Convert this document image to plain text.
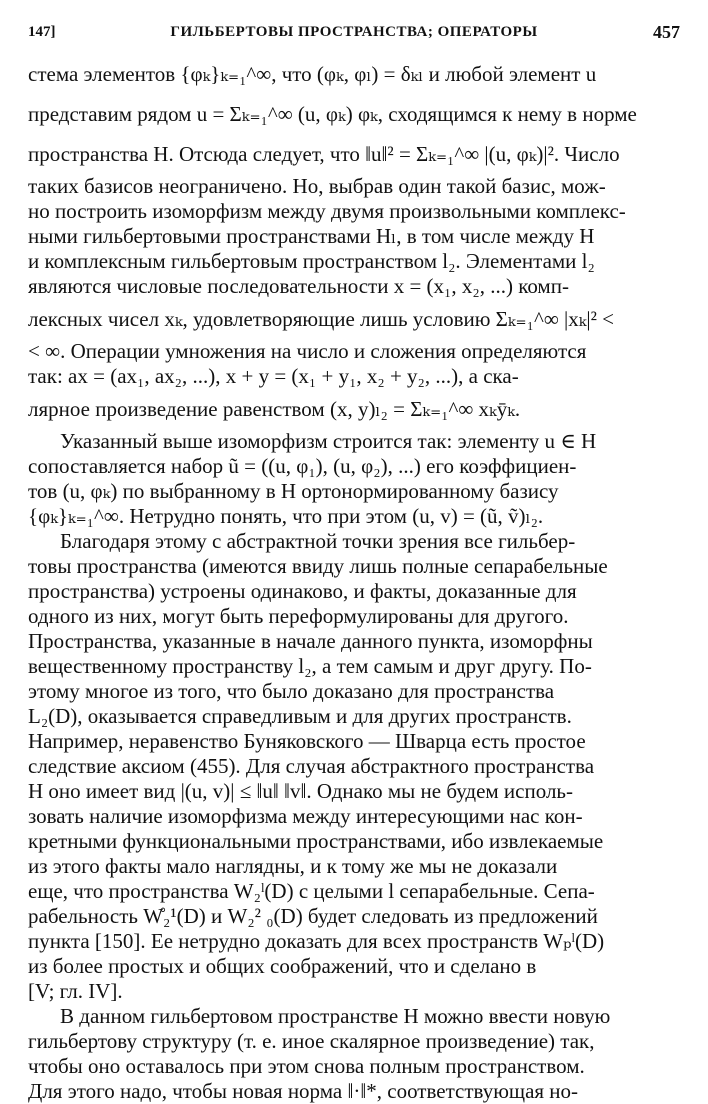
147]	ГИЛЬБЕРТОВЫ ПРОСТРАНСТВА; ОПЕРАТОРЫ	457
стема элементов {φₖ}ₖ₌₁^∞, что (φₖ, φₗ) = δₖₗ и любой элемент u
представим рядом u = Σₖ₌₁^∞ (u, φₖ) φₖ, сходящимся к нему в норме
пространства H. Отсюда следует, что ‖u‖² = Σₖ₌₁^∞ |(u, φₖ)|². Число
таких базисов неограничено. Но, выбрав один такой базис, мож-
но построить изоморфизм между двумя произвольными комплекс-
ными гильбертовыми пространствами Hₗ, в том числе между H
и комплексным гильбертовым пространством l₂. Элементами l₂
являются числовые последовательности x = (x₁, x₂, ...) комп-
лексных чисел xₖ, удовлетворяющие лишь условию Σₖ₌₁^∞ |xₖ|² <
< ∞. Операции умножения на число и сложения определяются
так: ax = (ax₁, ax₂, ...), x + y = (x₁ + y₁, x₂ + y₂, ...), а ска-
лярное произведение равенством (x, y)ₗ₂ = Σₖ₌₁^∞ xₖȳₖ.
Указанный выше изоморфизм строится так: элементу u ∈ H
сопоставляется набор ũ = ((u, φ₁), (u, φ₂), ...) его коэффициен-
тов (u, φₖ) по выбранному в H ортонормированному базису
{φₖ}ₖ₌₁^∞. Нетрудно понять, что при этом (u, v) = (ũ, ṽ)ₗ₂.
Благодаря этому с абстрактной точки зрения все гильбер-
товы пространства (имеются ввиду лишь полные сепарабельные
пространства) устроены одинаково, и факты, доказанные для
одного из них, могут быть переформулированы для другого.
Пространства, указанные в начале данного пункта, изоморфны
вещественному пространству l₂, а тем самым и друг другу. По-
этому многое из того, что было доказано для пространства
L₂(D), оказывается справедливым и для других пространств.
Например, неравенство Буняковского — Шварца есть простое
следствие аксиом (455). Для случая абстрактного пространства
H оно имеет вид |(u, v)| ≤ ‖u‖ ‖v‖. Однако мы не будем исполь-
зовать наличие изоморфизма между интересующими нас кон-
кретными функциональными пространствами, ибо извлекаемые
из этого факты мало наглядны, и к тому же мы не доказали
еще, что пространства W₂ˡ(D) с целыми l сепарабельные. Сепа-
рабельность W̊₂¹(D) и W₂² ₀(D) будет следовать из предложений
пункта [150]. Ее нетрудно доказать для всех пространств Wₚˡ(D)
из более простых и общих соображений, что и сделано в
[V; гл. IV].
В данном гильбертовом пространстве H можно ввести новую
гильбертову структуру (т. е. иное скалярное произведение) так,
чтобы оно оставалось при этом снова полным пространством.
Для этого надо, чтобы новая норма ‖·‖*, соответствующая но-
